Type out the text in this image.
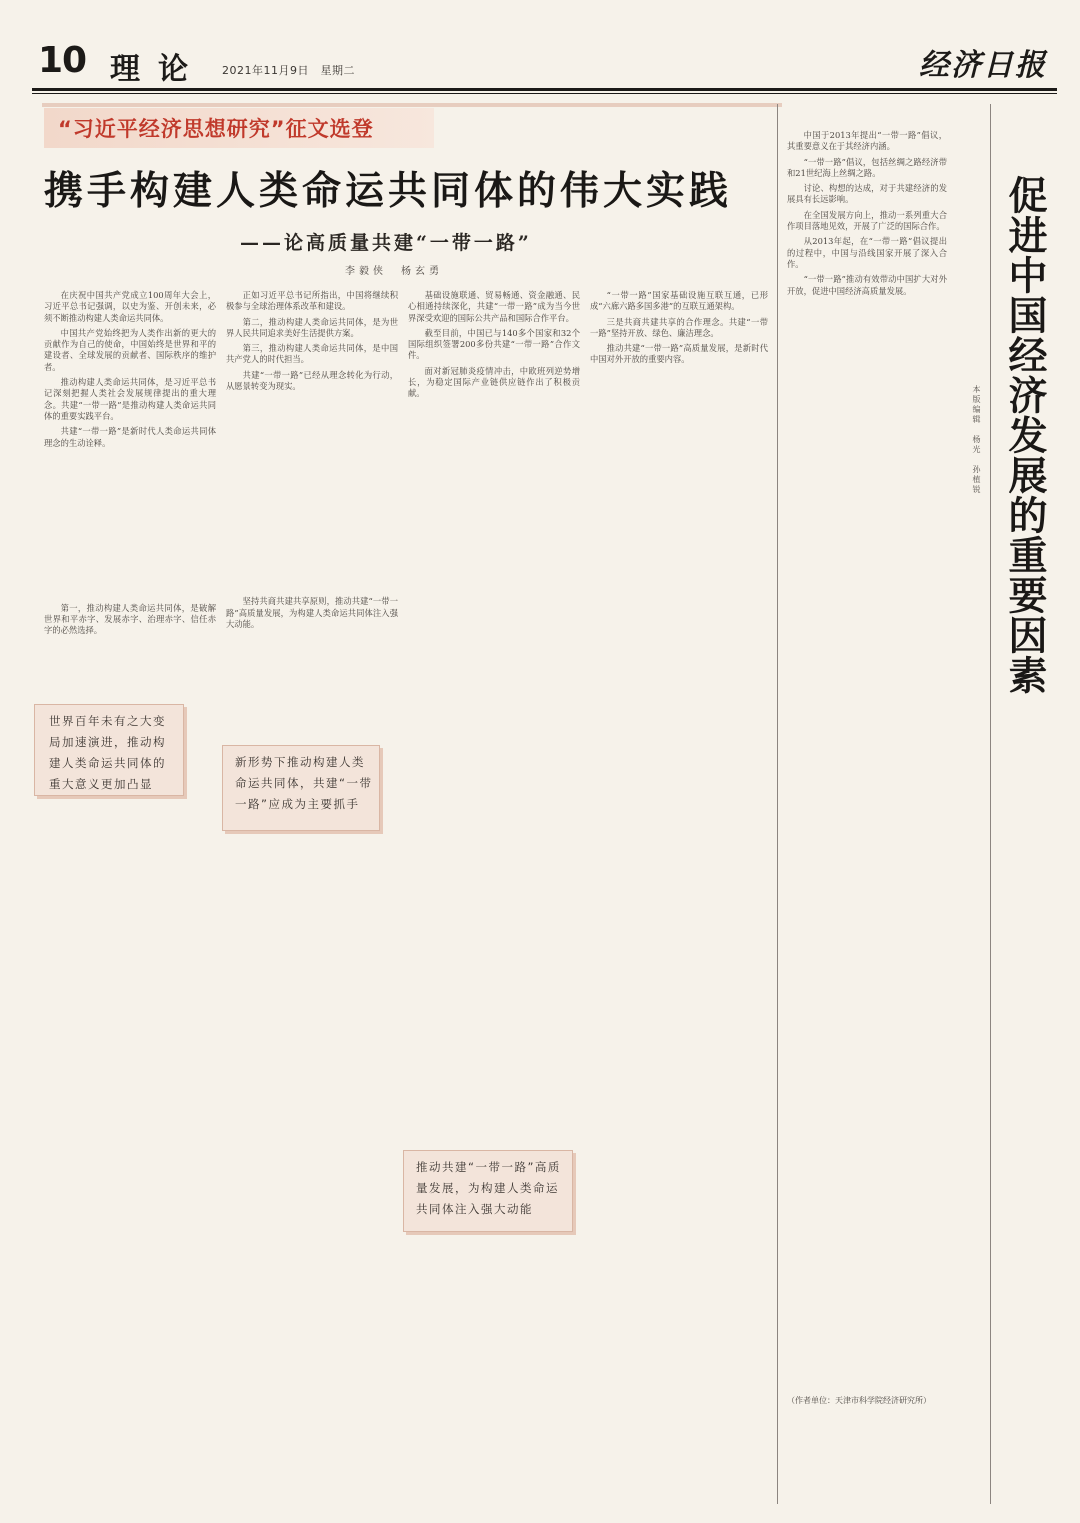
10 理论 2021年11月9日　星期二	经济日报
“习近平经济思想研究”征文选登
携手构建人类命运共同体的伟大实践
——论高质量共建“一带一路”
李毅侠　杨玄勇

在庆祝中国共产党成立100周年大会上，习近平总书记强调，以史为鉴、开创未来，必须不断推动构建人类命运共同体。

中国共产党始终把为人类作出新的更大的贡献作为自己的使命，中国始终是世界和平的建设者、全球发展的贡献者、国际秩序的维护者。

推动构建人类命运共同体，是习近平总书记深刻把握人类社会发展规律提出的重大理念。共建“一带一路”是推动构建人类命运共同体的重要实践平台。

共建“一带一路”是新时代人类命运共同体理念的生动诠释。

第一，推动构建人类命运共同体，是破解世界和平赤字、发展赤字、治理赤字、信任赤字的必然选择。

正如习近平总书记所指出，中国将继续积极参与全球治理体系改革和建设。

第二，推动构建人类命运共同体，是为世界人民共同追求美好生活提供方案。

第三，推动构建人类命运共同体，是中国共产党人的时代担当。

共建“一带一路”已经从理念转化为行动，从愿景转变为现实。

坚持共商共建共享原则，推动共建“一带一路”高质量发展，为构建人类命运共同体注入强大动能。

基础设施联通、贸易畅通、资金融通、民心相通持续深化，共建“一带一路”成为当今世界深受欢迎的国际公共产品和国际合作平台。

截至目前，中国已与140多个国家和32个国际组织签署200多份共建“一带一路”合作文件。

面对新冠肺炎疫情冲击，中欧班列逆势增长，为稳定国际产业链供应链作出了积极贡献。

“一带一路”国家基础设施互联互通，已形成“六廊六路多国多港”的互联互通架构。

三是共商共建共享的合作理念。共建“一带一路”坚持开放、绿色、廉洁理念。

推动共建“一带一路”高质量发展，是新时代中国对外开放的重要内容。

世界百年未有之大变局加速演进，推动构建人类命运共同体的重大意义更加凸显
新形势下推动构建人类命运共同体，共建“一带一路”应成为主要抓手
推动共建“一带一路”高质量发展，为构建人类命运共同体注入强大动能

中国于2013年提出“一带一路”倡议，其重要意义在于其经济内涵。

“一带一路”倡议，包括丝绸之路经济带和21世纪海上丝绸之路。

讨论、构想的达成，对于共建经济的发展具有长远影响。

在全国发展方向上，推动一系列重大合作项目落地见效，开展了广泛的国际合作。

从2013年起，在“一带一路”倡议提出的过程中，中国与沿线国家开展了深入合作。

“一带一路”推动有效带动中国扩大对外开放，促进中国经济高质量发展。

（作者单位：天津市科学院经济研究所）
促进中国经济发展的重要因素
本版编辑　杨光　孙植锐
